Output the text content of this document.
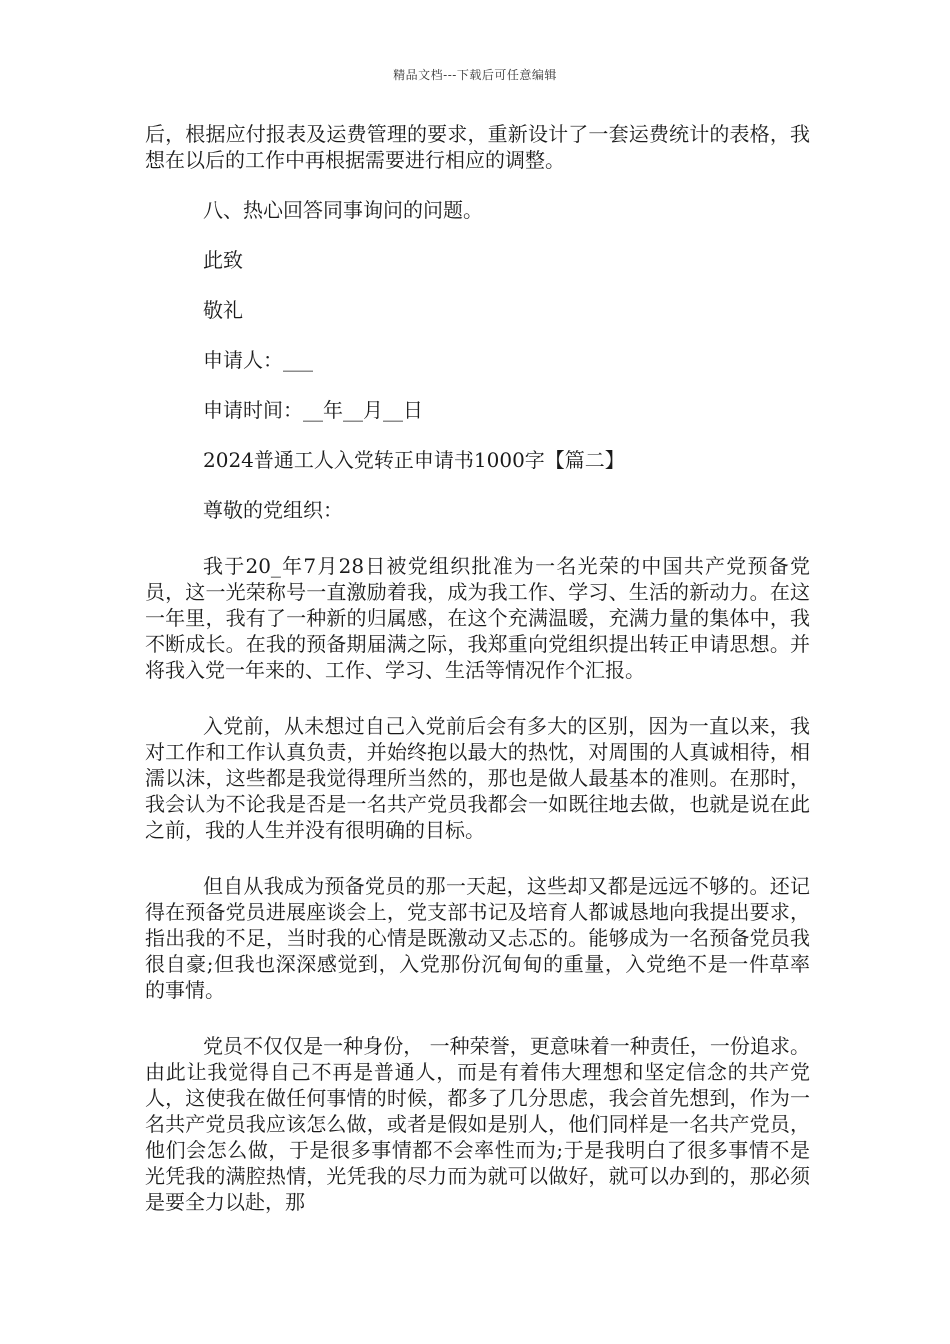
精品文档---下载后可任意编辑

后，根据应付报表及运费管理的要求，重新设计了一套运费统计的表格，我想在以后的工作中再根据需要进行相应的调整。

八、热心回答同事询问的问题。

此致

敬礼

申请人：___

申请时间：__年__月__日

2024普通工人入党转正申请书1000字【篇二】

尊敬的党组织：

我于20_年7月28日被党组织批准为一名光荣的中国共产党预备党员，这一光荣称号一直激励着我，成为我工作、学习、生活的新动力。在这一年里，我有了一种新的归属感，在这个充满温暖，充满力量的集体中，我不断成长。在我的预备期届满之际，我郑重向党组织提出转正申请思想。并将我入党一年来的、工作、学习、生活等情况作个汇报。

入党前，从未想过自己入党前后会有多大的区别，因为一直以来，我对工作和工作认真负责，并始终抱以最大的热忱，对周围的人真诚相待，相濡以沫，这些都是我觉得理所当然的，那也是做人最基本的准则。在那时，我会认为不论我是否是一名共产党员我都会一如既往地去做，也就是说在此之前，我的人生并没有很明确的目标。

但自从我成为预备党员的那一天起，这些却又都是远远不够的。还记得在预备党员进展座谈会上，党支部书记及培育人都诚恳地向我提出要求，指出我的不足，当时我的心情是既激动又忐忑的。能够成为一名预备党员我很自豪;但我也深深感觉到，入党那份沉甸甸的重量，入党绝不是一件草率的事情。

党员不仅仅是一种身份， 一种荣誉，更意味着一种责任，一份追求。由此让我觉得自己不再是普通人，而是有着伟大理想和坚定信念的共产党人，这使我在做任何事情的时候，都多了几分思虑，我会首先想到，作为一名共产党员我应该怎么做，或者是假如是别人，他们同样是一名共产党员，他们会怎么做，于是很多事情都不会率性而为;于是我明白了很多事情不是光凭我的满腔热情，光凭我的尽力而为就可以做好，就可以办到的，那必须是要全力以赴，那
